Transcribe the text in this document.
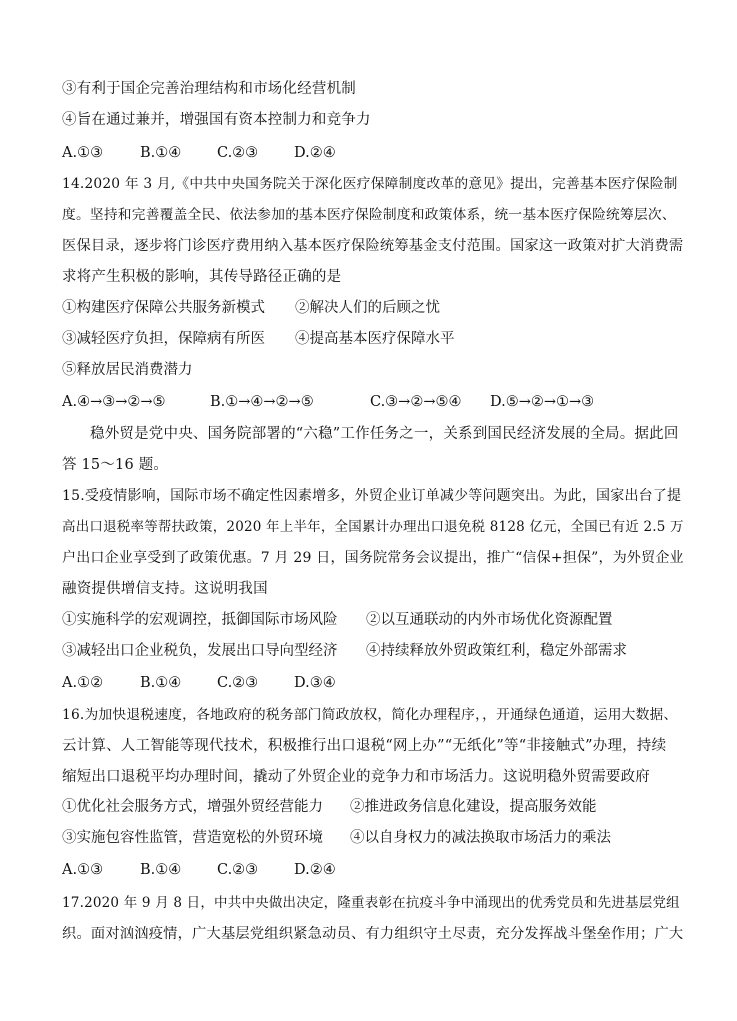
③有利于国企完善治理结构和市场化经营机制
④旨在通过兼并，增强国有资本控制力和竞争力
A.①③	B.①④ C.②③ D.②④
14.2020 年 3 月,《中共中央国务院关于深化医疗保障制度改革的意见》提出，完善基本医疗保险制
度。坚持和完善覆盖全民、依法参加的基本医疗保险制度和政策体系，统一基本医疗保险统筹层次、
医保目录，逐步将门诊医疗费用纳入基本医疗保险统筹基金支付范围。国家这一政策对扩大消费需
求将产生积极的影响，其传导路径正确的是
①构建医疗保障公共服务新模式 ②解决人们的后顾之忧
③减轻医疗负担，保障病有所医 ④提高基本医疗保障水平
⑤释放居民消费潜力
A.④→③→②→⑤	B.①→④→②→⑤	C.③→②→⑤④ D.⑤→②→①→③
稳外贸是党中央、国务院部署的“六稳”工作任务之一，关系到国民经济发展的全局。据此回
答 15～16 题。
15.受疫情影响，国际市场不确定性因素增多，外贸企业订单减少等问题突出。为此，国家出台了提
高出口退税率等帮扶政策，2020 年上半年，全国累计办理出口退免税 8128 亿元，全国已有近 2.5 万
户出口企业享受到了政策优惠。7 月 29 日，国务院常务会议提出，推广“信保+担保”，为外贸企业
融资提供增信支持。这说明我国
①实施科学的宏观调控，抵御国际市场风险 ②以互通联动的内外市场优化资源配置
③减轻出口企业税负，发展出口导向型经济 ④持续释放外贸政策红利，稳定外部需求
A.①②	B.①④ C.②③ D.③④
16.为加快退税速度，各地政府的税务部门简政放权，简化办理程序，，开通绿色通道，运用大数据、
云计算、人工智能等现代技术，积极推行出口退税“网上办”“无纸化”等“非接触式”办理，持续
缩短出口退税平均办理时间，撬动了外贸企业的竞争力和市场活力。这说明稳外贸需要政府
①优化社会服务方式，增强外贸经营能力 ②推进政务信息化建设，提高服务效能
③实施包容性监管，营造宽松的外贸环境 ④以自身权力的减法换取市场活力的乘法
A.①③	B.①④ C.②③ D.②④
17.2020 年 9 月 8 日，中共中央做出决定，隆重表彰在抗疫斗争中涌现出的优秀党员和先进基层党组
织。面对汹汹疫情，广大基层党组织紧急动员、有力组织守土尽责，充分发挥战斗堡垒作用；广大
